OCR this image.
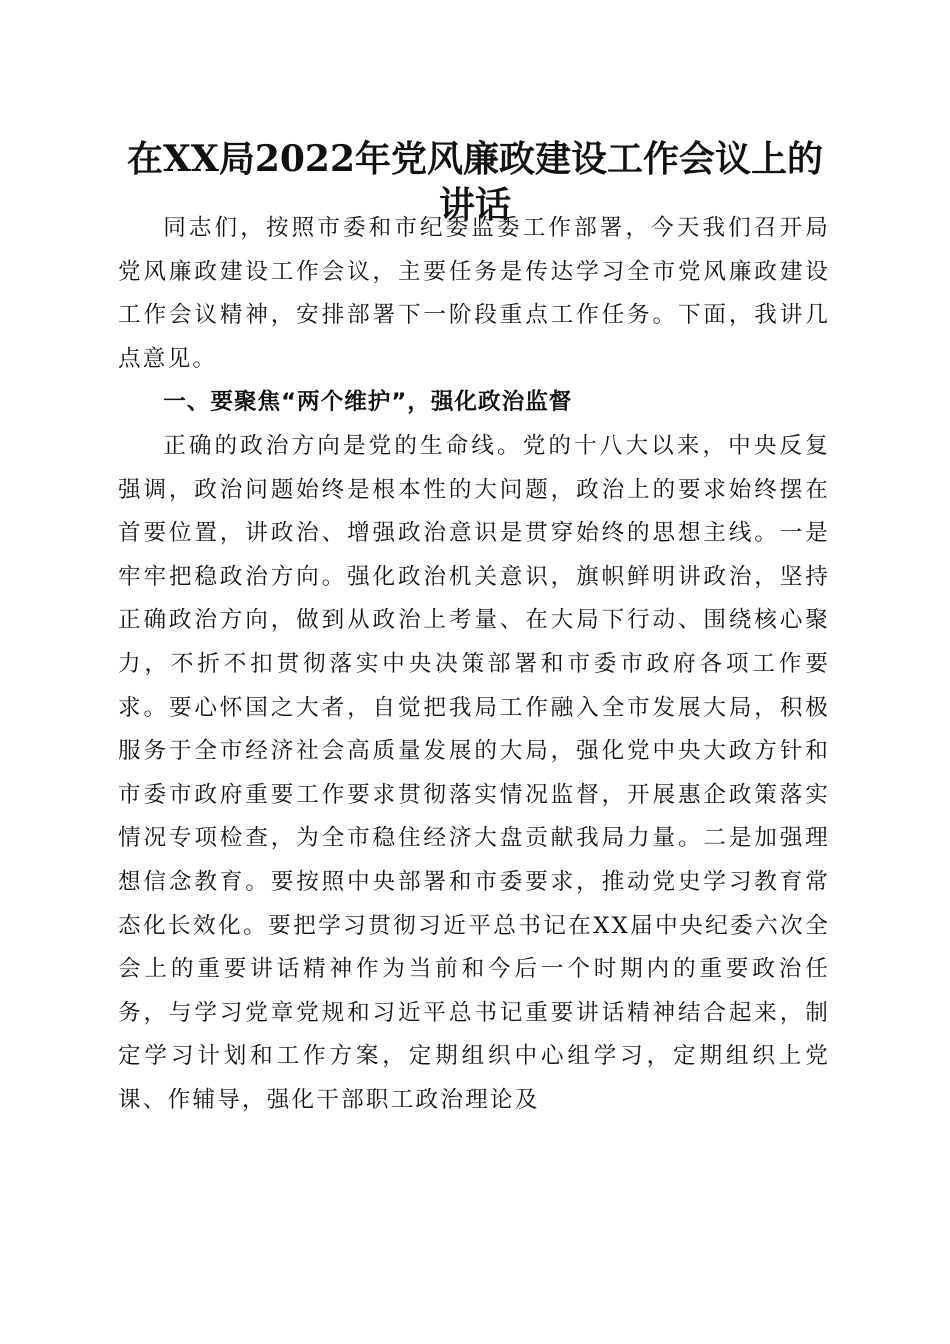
在XX局2022年党风廉政建设工作会议上的
讲话

同志们，按照市委和市纪委监委工作部署，今天我们召开局党风廉政建设工作会议，主要任务是传达学习全市党风廉政建设工作会议精神，安排部署下一阶段重点工作任务。下面，我讲几点意见。

一、要聚焦“两个维护”，强化政治监督

正确的政治方向是党的生命线。党的十八大以来，中央反复强调，政治问题始终是根本性的大问题，政治上的要求始终摆在首要位置，讲政治、增强政治意识是贯穿始终的思想主线。一是牢牢把稳政治方向。强化政治机关意识，旗帜鲜明讲政治，坚持正确政治方向，做到从政治上考量、在大局下行动、围绕核心聚力，不折不扣贯彻落实中央决策部署和市委市政府各项工作要求。要心怀国之大者，自觉把我局工作融入全市发展大局，积极服务于全市经济社会高质量发展的大局，强化党中央大政方针和市委市政府重要工作要求贯彻落实情况监督，开展惠企政策落实情况专项检查，为全市稳住经济大盘贡献我局力量。二是加强理想信念教育。要按照中央部署和市委要求，推动党史学习教育常态化长效化。要把学习贯彻习近平总书记在XX届中央纪委六次全会上的重要讲话精神作为当前和今后一个时期内的重要政治任务，与学习党章党规和习近平总书记重要讲话精神结合起来，制定学习计划和工作方案，定期组织中心组学习，定期组织上党课、作辅导，强化干部职工政治理论及
